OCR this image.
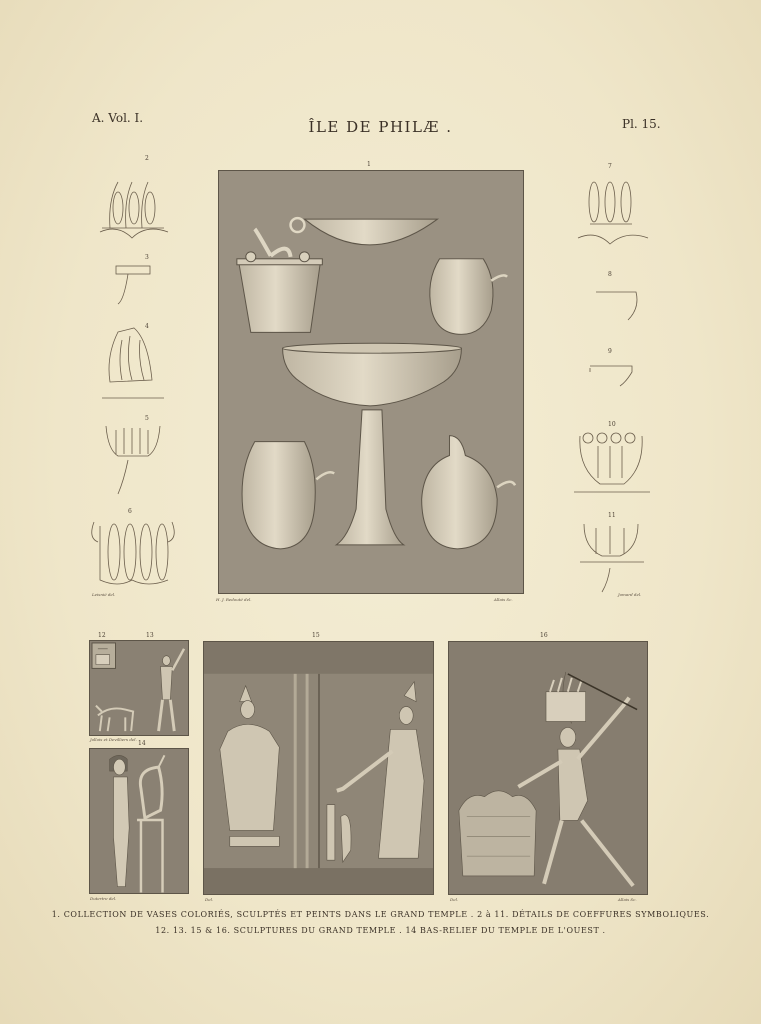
A. Vol. I.	ÎLE DE PHILÆ .	Pl. 15.
1
H. J. Redouté del.	Allais Sc.
2
3
4
5
6
Leisnié del.
7
8
9
10
11
Jomard del.
12	13
Jollois et Devilliers del.
14
Dutertre del.
15
Del.
16
Del.	Allais Sc.
1. COLLECTION DE VASES COLORIÉS, SCULPTÉS ET PEINTS DANS LE GRAND TEMPLE . 2 à 11. DÉTAILS DE COEFFURES SYMBOLIQUES.
12. 13. 15 & 16. SCULPTURES DU GRAND TEMPLE . 14 BAS-RELIEF DU TEMPLE DE L'OUEST .
